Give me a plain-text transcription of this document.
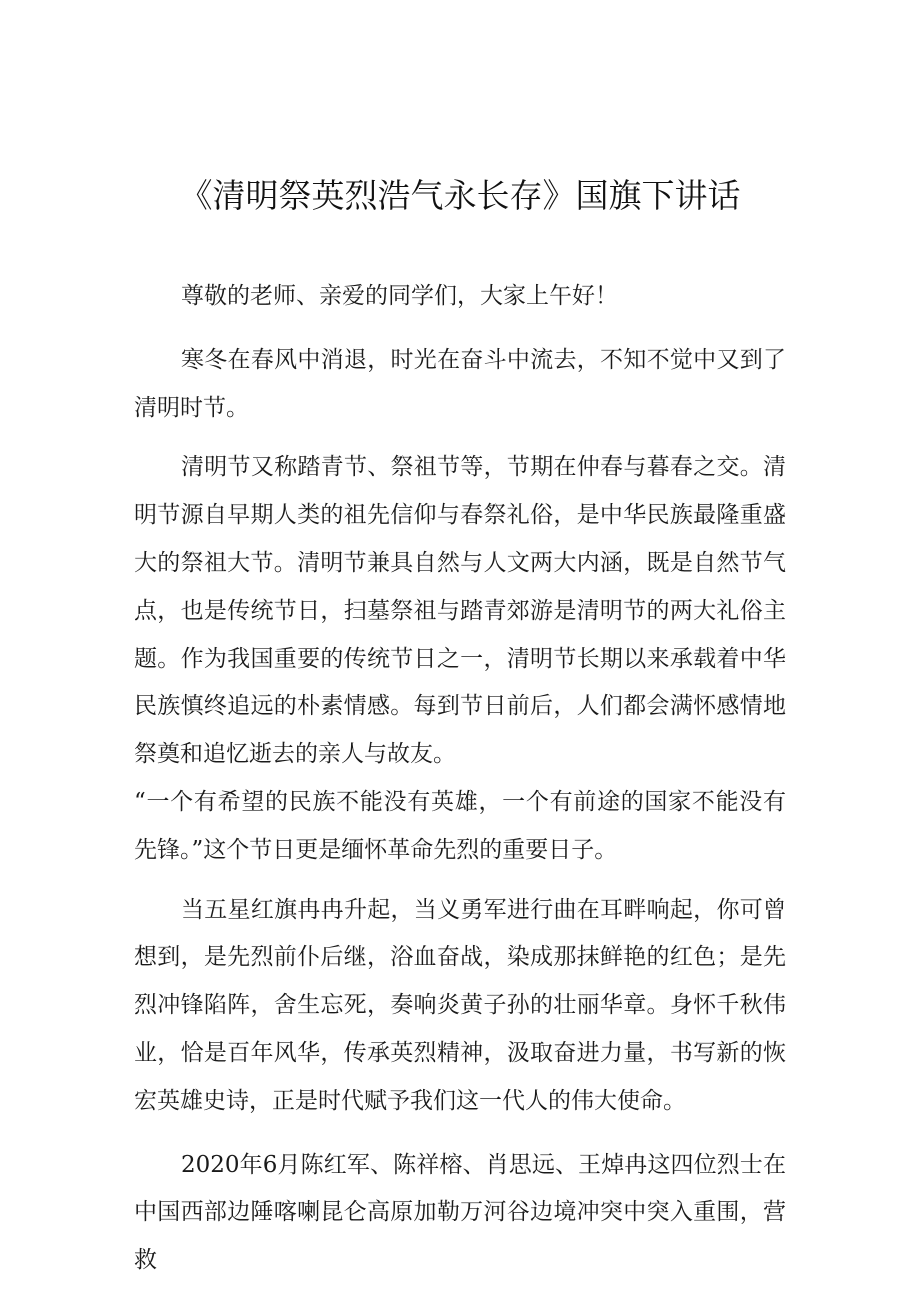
《清明祭英烈浩气永长存》国旗下讲话

尊敬的老师、亲爱的同学们，大家上午好！

寒冬在春风中消退，时光在奋斗中流去，不知不觉中又到了清明时节。

清明节又称踏青节、祭祖节等，节期在仲春与暮春之交。清明节源自早期人类的祖先信仰与春祭礼俗，是中华民族最隆重盛大的祭祖大节。清明节兼具自然与人文两大内涵，既是自然节气点，也是传统节日，扫墓祭祖与踏青郊游是清明节的两大礼俗主题。作为我国重要的传统节日之一，清明节长期以来承载着中华民族慎终追远的朴素情感。每到节日前后，人们都会满怀感情地祭奠和追忆逝去的亲人与故友。

“一个有希望的民族不能没有英雄，一个有前途的国家不能没有先锋。”这个节日更是缅怀革命先烈的重要日子。

当五星红旗冉冉升起，当义勇军进行曲在耳畔响起，你可曾想到，是先烈前仆后继，浴血奋战，染成那抹鲜艳的红色；是先烈冲锋陷阵，舍生忘死，奏响炎黄子孙的壮丽华章。身怀千秋伟业，恰是百年风华，传承英烈精神，汲取奋进力量，书写新的恢宏英雄史诗，正是时代赋予我们这一代人的伟大使命。

2020年6月陈红军、陈祥榕、肖思远、王焯冉这四位烈士在中国西部边陲喀喇昆仑高原加勒万河谷边境冲突中突入重围，营救
